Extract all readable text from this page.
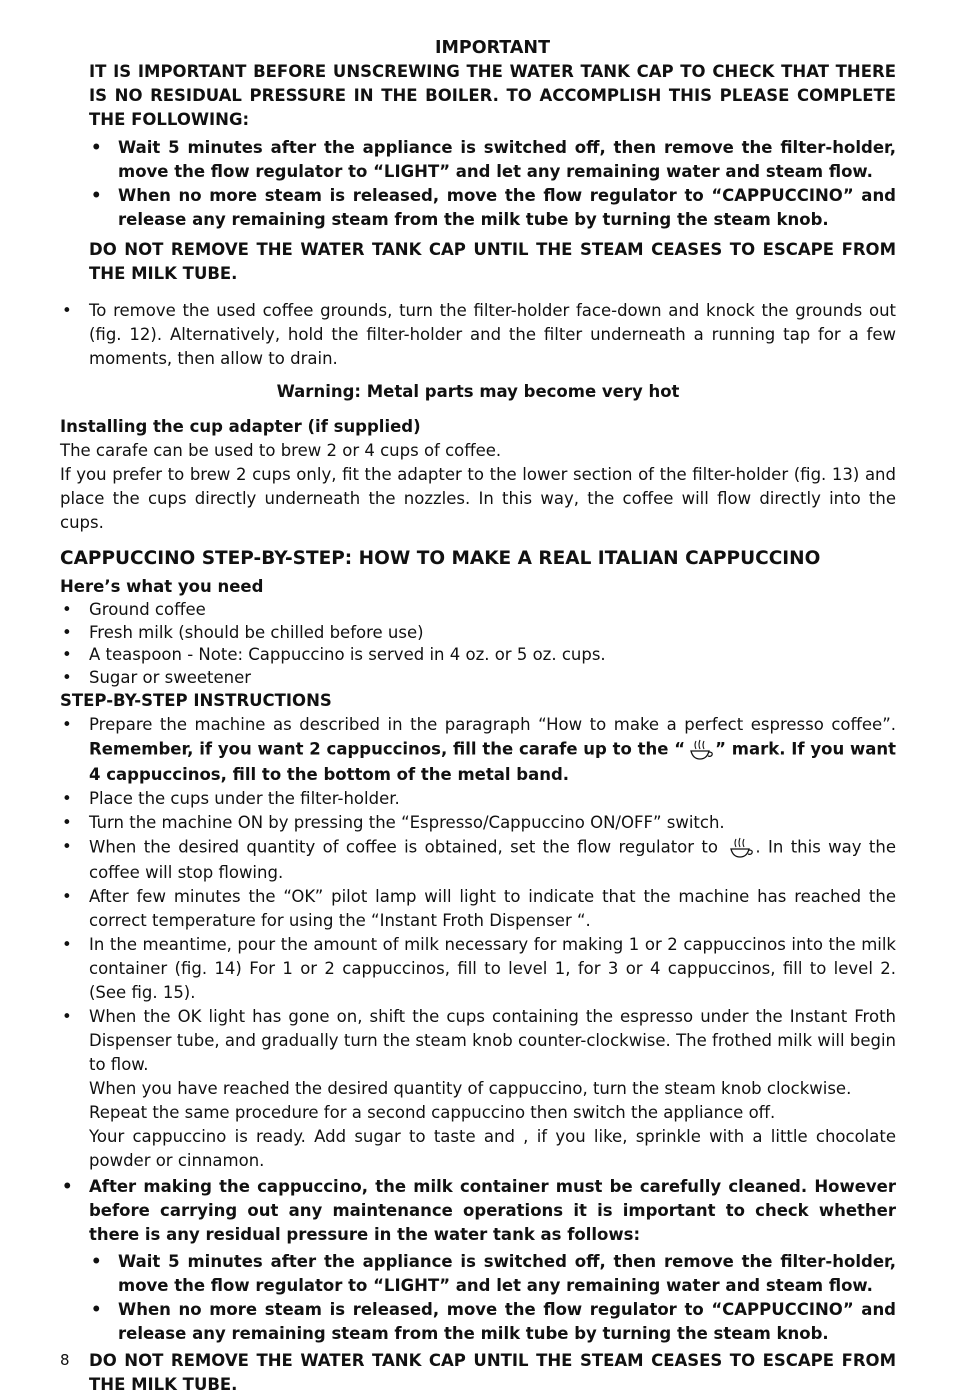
IMPORTANT

IT IS IMPORTANT BEFORE UNSCREWING THE WATER TANK CAP TO CHECK THAT THERE IS NO RESIDUAL PRESSURE IN THE BOILER. TO ACCOMPLISH THIS PLEASE COMPLETE THE FOLLOWING:

• Wait 5 minutes after the appliance is switched off, then remove the filter-holder, move the flow regulator to “LIGHT” and let any remaining water and steam flow.
• When no more steam is released, move the flow regulator to “CAPPUCCINO” and release any remaining steam from the milk tube by turning the steam knob.

DO NOT REMOVE THE WATER TANK CAP UNTIL THE STEAM CEASES TO ESCAPE FROM THE MILK TUBE.

• To remove the used coffee grounds, turn the filter-holder face-down and knock the grounds out (fig. 12). Alternatively, hold the filter-holder and the filter underneath a running tap for a few moments, then allow to drain.

Warning: Metal parts may become very hot

Installing the cup adapter (if supplied)

The carafe can be used to brew 2 or 4 cups of coffee.

If you prefer to brew 2 cups only, fit the adapter to the lower section of the filter-holder (fig. 13) and place the cups directly underneath the nozzles. In this way, the coffee will flow directly into the cups.

CAPPUCCINO STEP-BY-STEP: HOW TO MAKE A REAL ITALIAN CAPPUCCINO

Here’s what you need

• Ground coffee
• Fresh milk (should be chilled before use)
• A teaspoon - Note: Cappuccino is served in 4 oz. or 5 oz. cups.
• Sugar or sweetener

STEP-BY-STEP INSTRUCTIONS

• Prepare the machine as described in the paragraph “How to make a perfect espresso coffee”. Remember, if you want 2 cappuccinos, fill the carafe up to the “ ” mark. If you want 4 cappuccinos, fill to the bottom of the metal band.
• Place the cups under the filter-holder.
• Turn the machine ON by pressing the “Espresso/Cappuccino ON/OFF” switch.
• When the desired quantity of coffee is obtained, set the flow regulator to . In this way the coffee will stop flowing.
• After few minutes the “OK” pilot lamp will light to indicate that the machine has reached the correct temperature for using the “Instant Froth Dispenser “.
• In the meantime, pour the amount of milk necessary for making 1 or 2 cappuccinos into the milk container (fig. 14) For 1 or 2 cappuccinos, fill to level 1, for 3 or 4 cappuccinos, fill to level 2. (See fig. 15).

• When the OK light has gone on, shift the cups containing the espresso under the Instant Froth Dispenser tube, and gradually turn the steam knob counter-clockwise. The frothed milk will begin to flow.

When you have reached the desired quantity of cappuccino, turn the steam knob clockwise.

Repeat the same procedure for a second cappuccino then switch the appliance off.

Your cappuccino is ready. Add sugar to taste and , if you like, sprinkle with a little chocolate powder or cinnamon.

• After making the cappuccino, the milk container must be carefully cleaned. However before carrying out any maintenance operations it is important to check whether there is any residual pressure in the water tank as follows:

• Wait 5 minutes after the appliance is switched off, then remove the filter-holder, move the flow regulator to “LIGHT” and let any remaining water and steam flow.
• When no more steam is released, move the flow regulator to “CAPPUCCINO” and release any remaining steam from the milk tube by turning the steam knob.

DO NOT REMOVE THE WATER TANK CAP UNTIL THE STEAM CEASES TO ESCAPE FROM THE MILK TUBE.

8
